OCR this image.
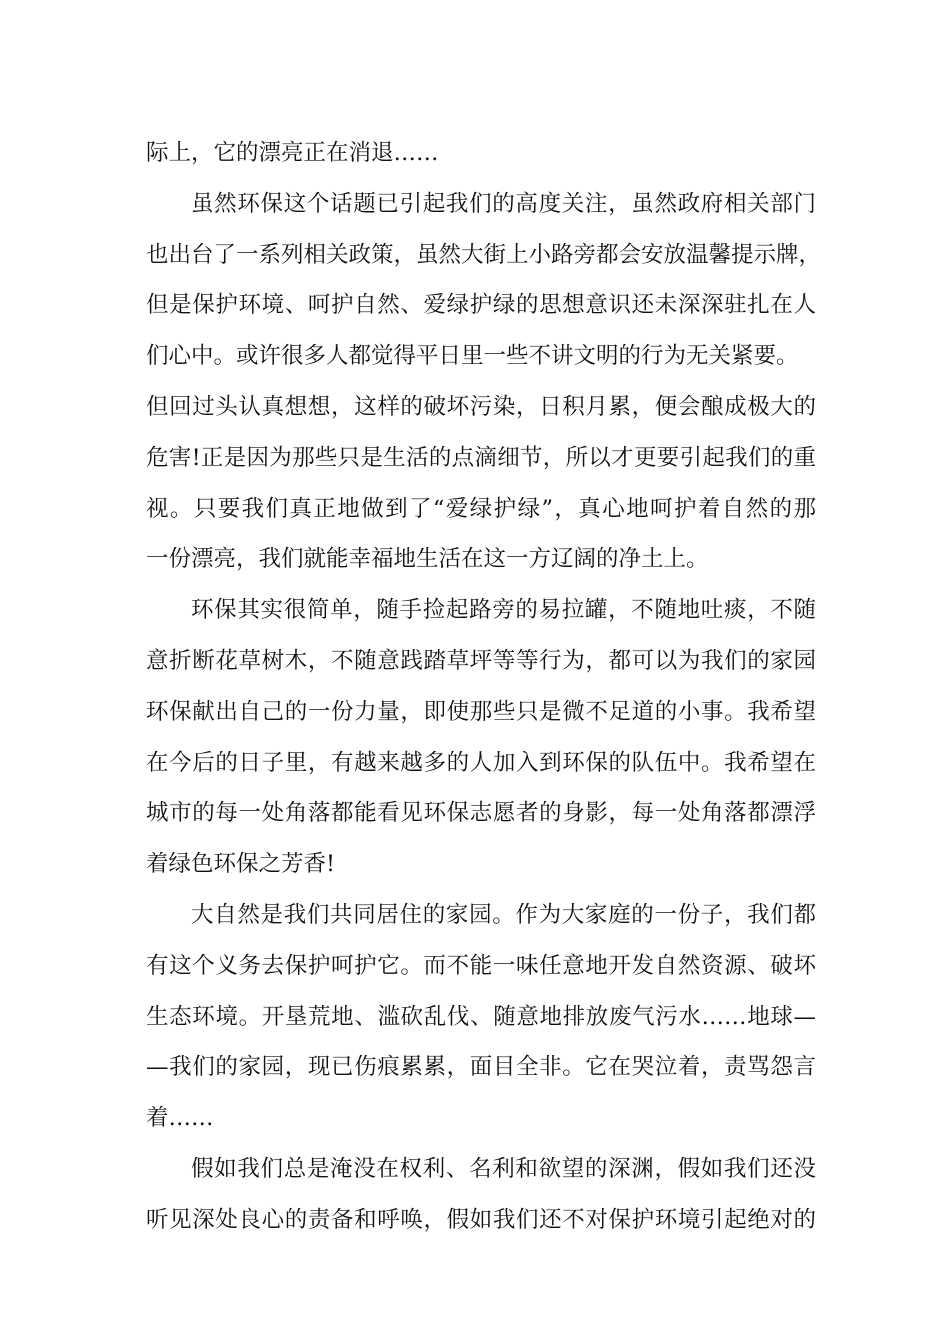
际上，它的漂亮正在消退……
虽然环保这个话题已引起我们的高度关注，虽然政府相关部门
也出台了一系列相关政策，虽然大街上小路旁都会安放温馨提示牌，
但是保护环境、呵护自然、爱绿护绿的思想意识还未深深驻扎在人
们心中。或许很多人都觉得平日里一些不讲文明的行为无关紧要。
但回过头认真想想，这样的破坏污染，日积月累，便会酿成极大的
危害!正是因为那些只是生活的点滴细节，所以才更要引起我们的重
视。只要我们真正地做到了“爱绿护绿”，真心地呵护着自然的那
一份漂亮，我们就能幸福地生活在这一方辽阔的净土上。
环保其实很简单，随手捡起路旁的易拉罐，不随地吐痰，不随
意折断花草树木，不随意践踏草坪等等行为，都可以为我们的家园
环保献出自己的一份力量，即使那些只是微不足道的小事。我希望
在今后的日子里，有越来越多的人加入到环保的队伍中。我希望在
城市的每一处角落都能看见环保志愿者的身影，每一处角落都漂浮
着绿色环保之芳香!
大自然是我们共同居住的家园。作为大家庭的一份子，我们都
有这个义务去保护呵护它。而不能一味任意地开发自然资源、破坏
生态环境。开垦荒地、滥砍乱伐、随意地排放废气污水……地球—
—我们的家园，现已伤痕累累，面目全非。它在哭泣着，责骂怨言
着……
假如我们总是淹没在权利、名利和欲望的深渊，假如我们还没
听见深处良心的责备和呼唤，假如我们还不对保护环境引起绝对的
